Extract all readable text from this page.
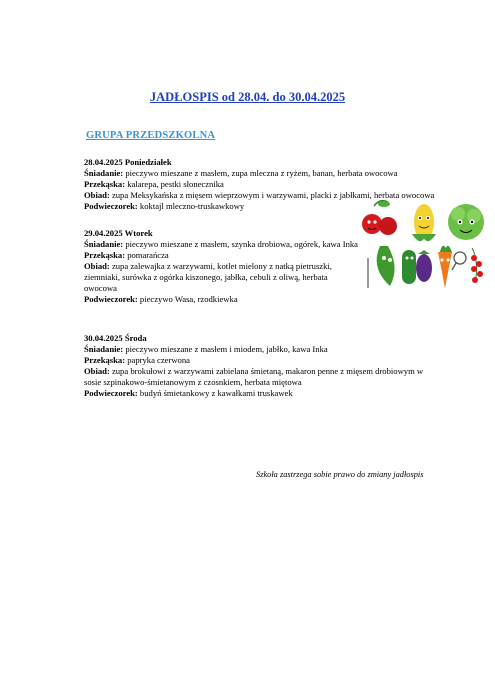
JADŁOSPIS od 28.04. do 30.04.2025
GRUPA PRZEDSZKOLNA
28.04.2025 Poniedziałek
Śniadanie: pieczywo mieszane z masłem, zupa mleczna z ryżem, banan, herbata owocowa
Przekąska: kalarepa, pestki słonecznika
Obiad: zupa Meksykańska z mięsem wieprzowym i warzywami, placki z jabłkami, herbata owocowa
Podwieczorek: koktajl mleczno-truskawkowy
29.04.2025 Wtorek
Śniadanie: pieczywo mieszane z masłem, szynka drobiowa, ogórek, kawa Inka
Przekąska: pomarańcza
Obiad: zupa zalewajka z warzywami, kotlet mielony z natką pietruszki, ziemniaki, surówka z ogórka kiszonego, jabłka, cebuli z oliwą, herbata owocowa
Podwieczorek: pieczywo Wasa, rzodkiewka
30.04.2025 Środa
Śniadanie: pieczywo mieszane z masłem i miodem, jabłko, kawa Inka
Przekąska: papryka czerwona
Obiad: zupa brokułowi z warzywami zabielana śmietaną, makaron penne z mięsem drobiowym w sosie szpinakowo-śmietanowym z czosnkiem, herbata miętowa
Podwieczorek: budyń śmietankowy z kawałkami truskawek
Szkoła zastrzega sobie prawo do zmiany jadłospis
